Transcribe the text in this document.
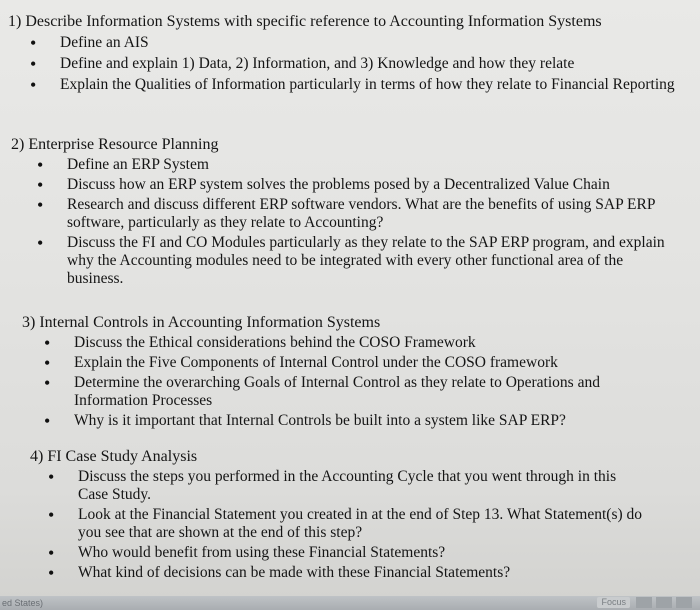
1) Describe Information Systems with specific reference to Accounting Information Systems

• Define an AIS
• Define and explain 1) Data, 2) Information, and 3) Knowledge and how they relate
• Explain the Qualities of Information particularly in terms of how they relate to Financial Reporting

2) Enterprise Resource Planning

• Define an ERP System
• Discuss how an ERP system solves the problems posed by a Decentralized Value Chain
• Research and discuss different ERP software vendors. What are the benefits of using SAP ERP software, particularly as they relate to Accounting?
• Discuss the FI and CO Modules particularly as they relate to the SAP ERP program, and explain why the Accounting modules need to be integrated with every other functional area of the business.

3) Internal Controls in Accounting Information Systems

• Discuss the Ethical considerations behind the COSO Framework
• Explain the Five Components of Internal Control under the COSO framework
• Determine the overarching Goals of Internal Control as they relate to Operations and Information Processes
• Why is it important that Internal Controls be built into a system like SAP ERP?

4) FI Case Study Analysis

• Discuss the steps you performed in the Accounting Cycle that you went through in this Case Study.
• Look at the Financial Statement you created in at the end of Step 13. What Statement(s) do you see that are shown at the end of this step?
• Who would benefit from using these Financial Statements?
• What kind of decisions can be made with these Financial Statements?
ed States)	Focus
